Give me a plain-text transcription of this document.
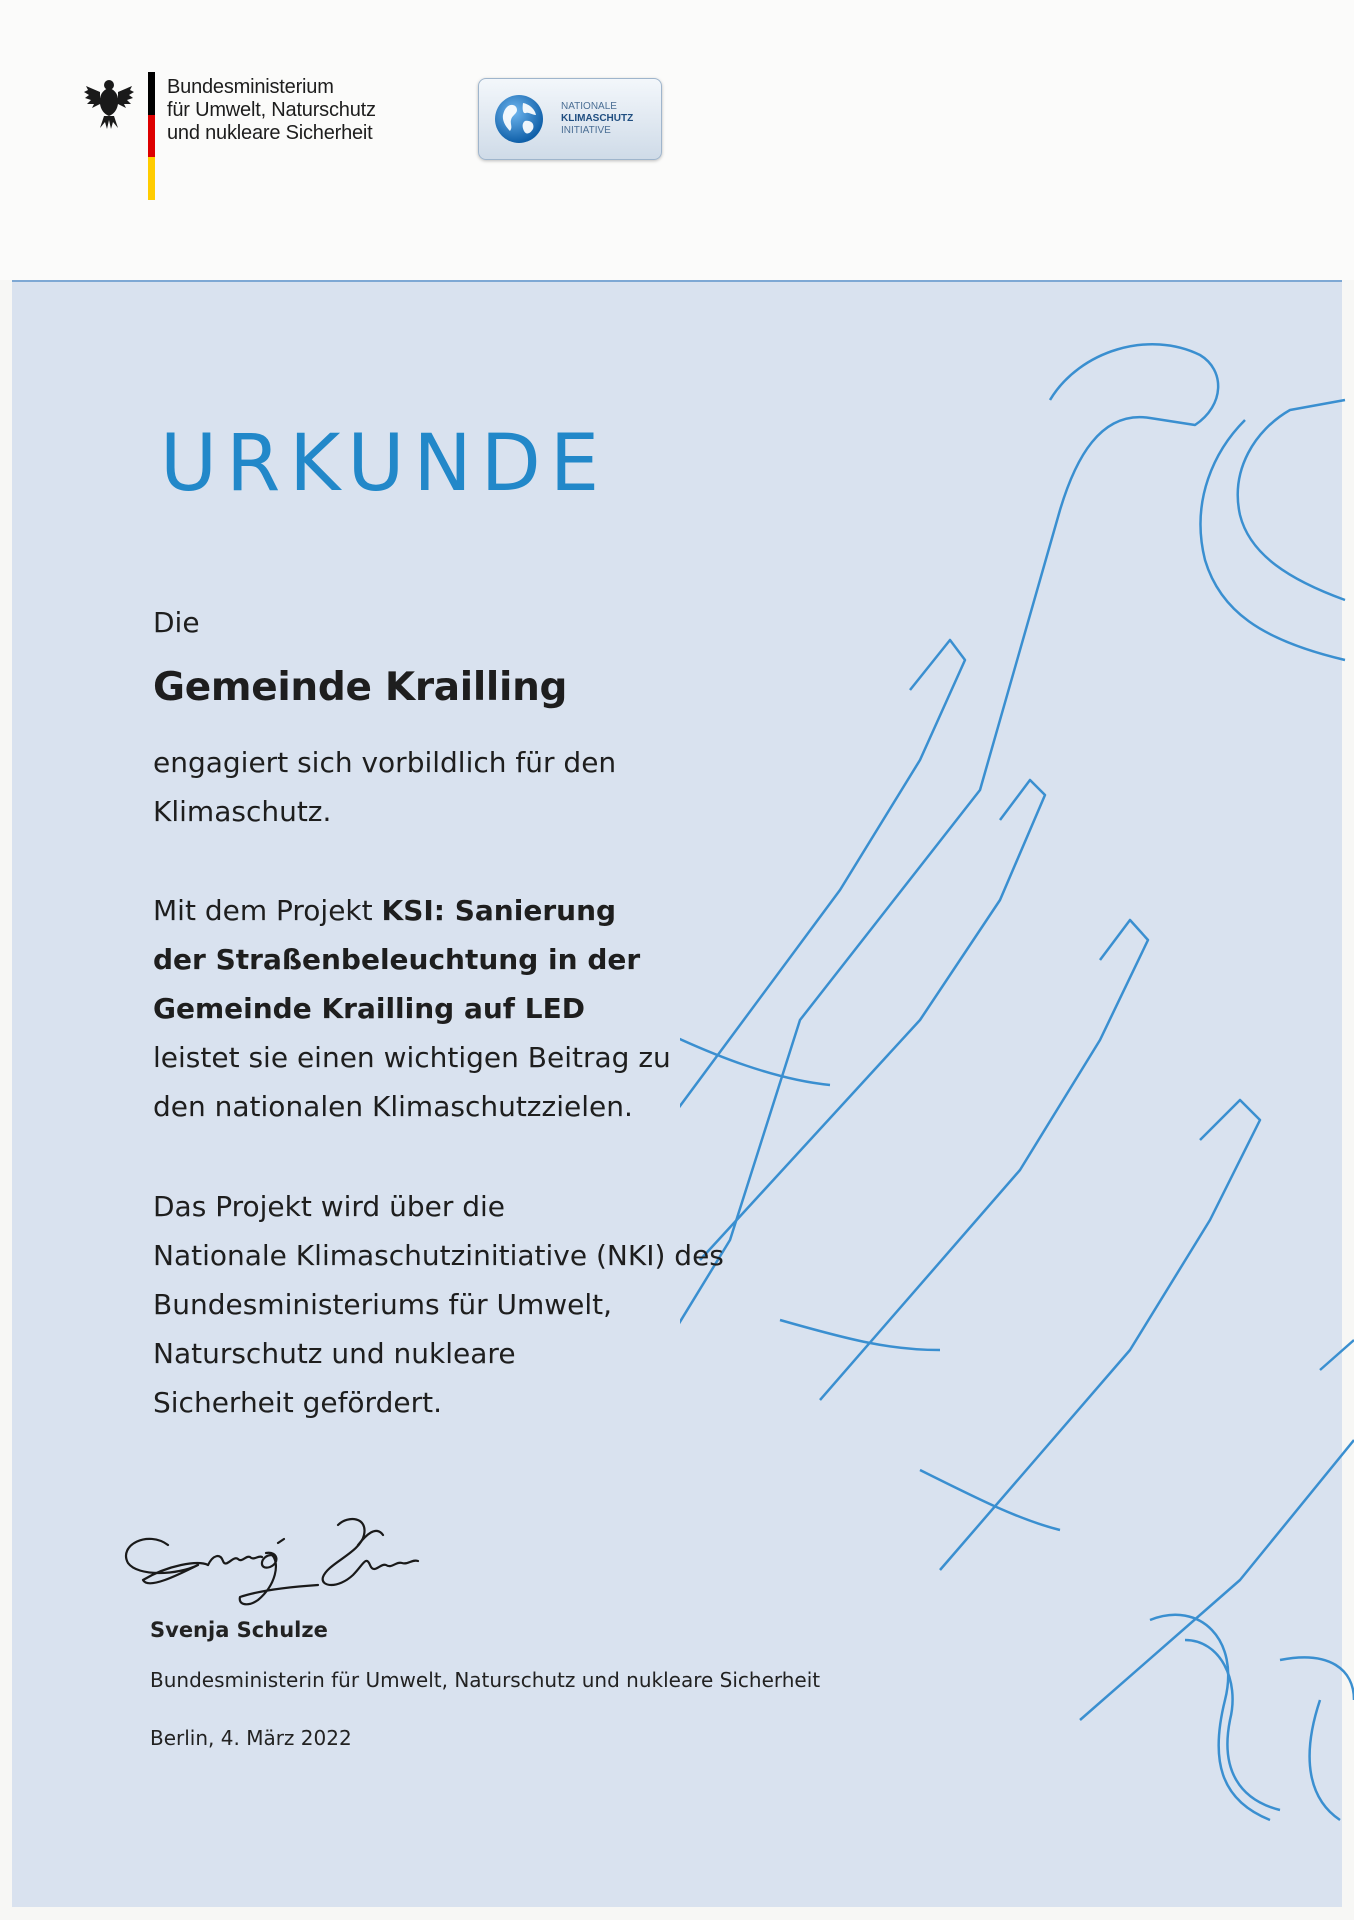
Bundesministerium
für Umwelt, Naturschutz
und nukleare Sicherheit
NATIONALE
KLIMASCHUTZ
INITIATIVE
URKUNDE

Die

Gemeinde Krailling

engagiert sich vorbildlich für den
Klimaschutz.
Mit dem Projekt KSI: Sanierung
der Straßenbeleuchtung in der
Gemeinde Krailling auf LED
leistet sie einen wichtigen Beitrag zu
den nationalen Klimaschutzzielen.
Das Projekt wird über die
Nationale Klimaschutzinitiative (NKI) des
Bundesministeriums für Umwelt,
Naturschutz und nukleare
Sicherheit gefördert.
Svenja Schulze
Bundesministerin für Umwelt, Naturschutz und nukleare Sicherheit
Berlin, 4. März 2022
